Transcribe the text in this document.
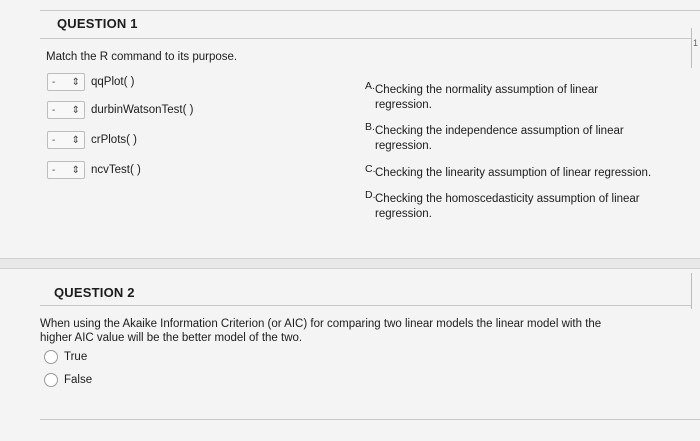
QUESTION 1
Match the R command to its purpose.
- ⇕ qqPlot( )
- ⇕ durbinWatsonTest( )
- ⇕ crPlots( )
- ⇕ ncvTest( )
A. Checking the normality assumption of linear
regression.
B. Checking the independence assumption of linear
regression.
C. Checking the linearity assumption of linear regression.
D. Checking the homoscedasticity assumption of linear
regression.
1
QUESTION 2
When using the Akaike Information Criterion (or AIC) for comparing two linear models the linear model with the
higher AIC value will be the better model of the two.
True
False
